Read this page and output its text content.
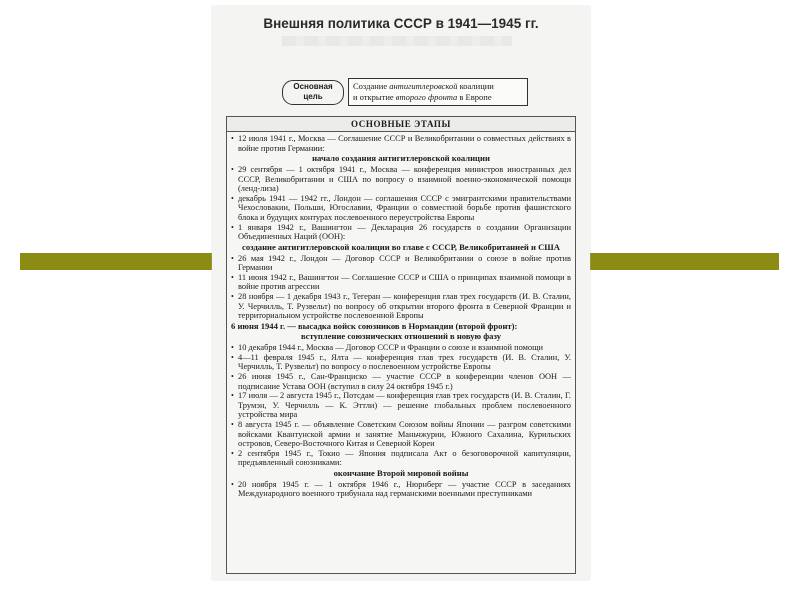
Внешняя политика СССР в 1941—1945 гг.
Основная
цель
Создание антигитлеровской коалиции
и открытие второго фронта в Европе
ОСНОВНЫЕ ЭТАПЫ
• 12 июля 1941 г., Москва — Соглашение СССР и Великобритании о совместных действиях в войне против Германии:
начало создания антигитлеровской коалиции
• 29 сентября — 1 октября 1941 г., Москва — конференция министров иностранных дел СССР, Великобритании и США по вопросу о взаимной военно-экономической помощи (ленд-лиза)
• декабрь 1941 — 1942 гг., Лондон — соглашения СССР с эмигрантскими правительствами Чехословакии, Польши, Югославии, Франции о совместной борьбе против фашистского блока и будущих контурах послевоенного переустройства Европы
• 1 января 1942 г., Вашингтон — Декларация 26 государств о создании Организации Объединенных Наций (ООН):
создание антигитлеровской коалиции во главе с СССР, Великобританией и США
• 26 мая 1942 г., Лондон — Договор СССР и Великобритании о союзе в войне против Германии
• 11 июня 1942 г., Вашингтон — Соглашение СССР и США о принципах взаимной помощи в войне против агрессии
• 28 ноября — 1 декабря 1943 г., Тегеран — конференция глав трех государств (И. В. Сталин, У. Черчилль, Т. Рузвельт) по вопросу об открытии второго фронта в Северной Франции и территориальном устройстве послевоенной Европы
6 июня 1944 г. — высадка войск союзников в Нормандии (второй фронт):
вступление союзнических отношений в новую фазу
• 10 декабря 1944 г., Москва — Договор СССР и Франции о союзе и взаимной помощи
• 4—11 февраля 1945 г., Ялта — конференция глав трех государств (И. В. Сталин, У. Черчилль, Т. Рузвельт) по вопросу о послевоенном устройстве Европы
• 26 июня 1945 г., Сан-Франциско — участие СССР в конференции членов ООН — подписание Устава ООН (вступил в силу 24 октября 1945 г.)
• 17 июля — 2 августа 1945 г., Потсдам — конференция глав трех государств (И. В. Сталин, Г. Трумэн, У. Черчилль — К. Эттли) — решение глобальных проблем послевоенного устройства мира
• 8 августа 1945 г. — объявление Советским Союзом войны Японии — разгром советскими войсками Квантунской армии и занятие Маньчжурии, Южного Сахалина, Курильских островов, Северо-Восточного Китая и Северной Кореи
• 2 сентября 1945 г., Токио — Япония подписала Акт о безоговорочной капитуляции, предъявленный союзниками:
окончание Второй мировой войны
• 20 ноября 1945 г. — 1 октября 1946 г., Нюрнберг — участие СССР в заседаниях Международного военного трибунала над германскими военными преступниками
